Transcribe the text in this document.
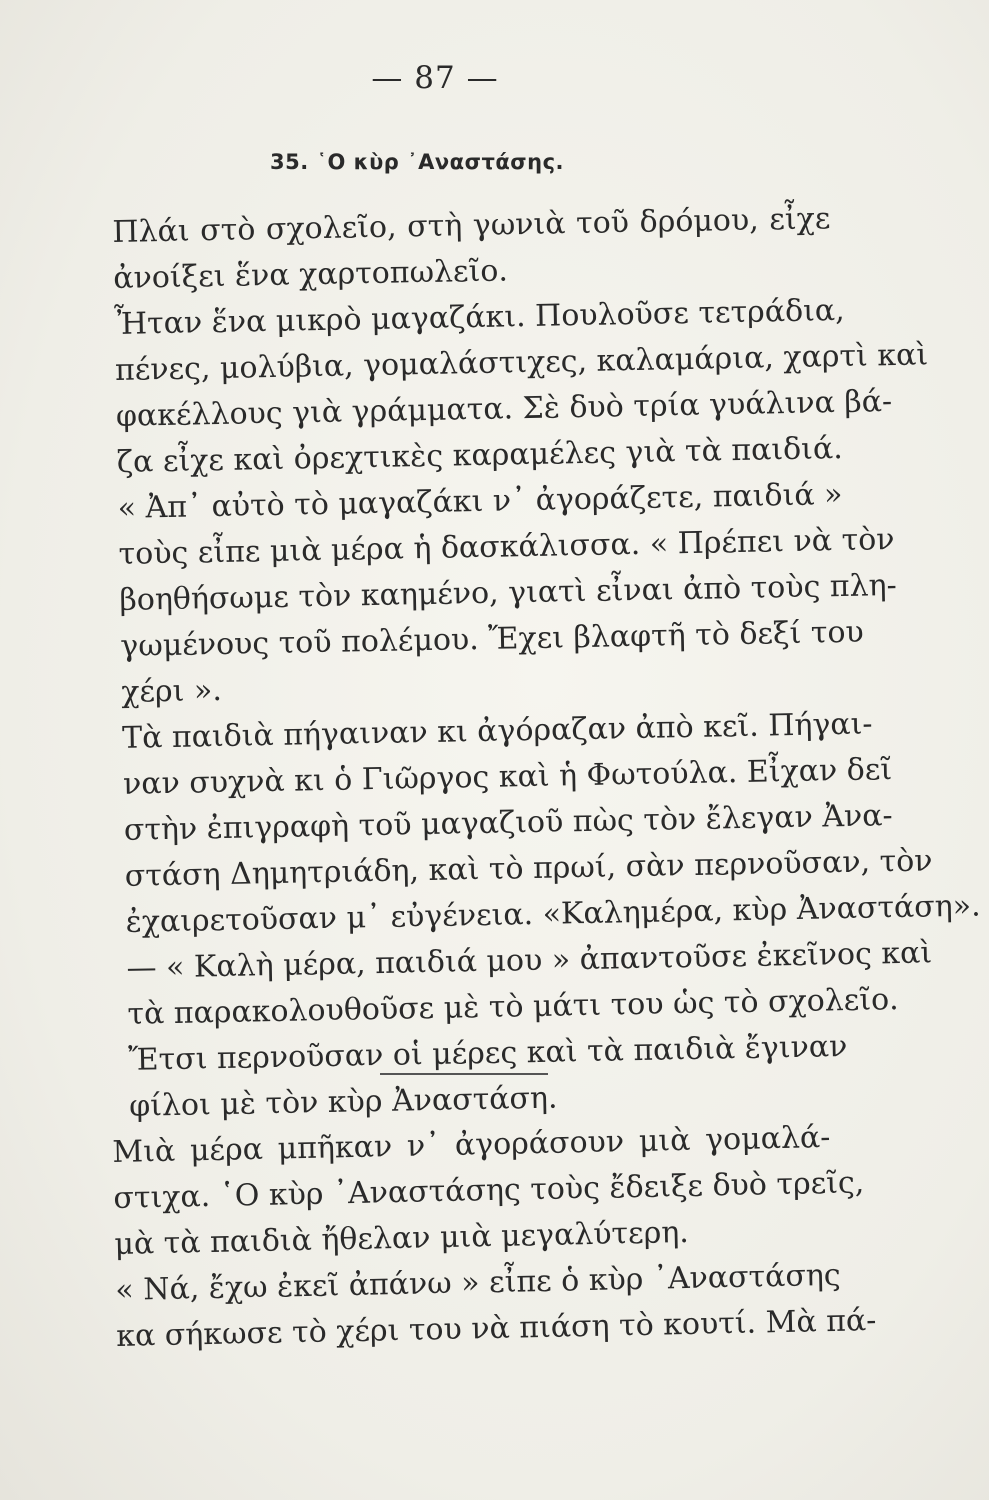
— 87 —
35. ῾Ο κὺρ ᾿Αναστάσης.
Πλάι στὸ σχολεῖο, στὴ γωνιὰ τοῦ δρόμου, εἶχε
ἀνοίξει ἕνα χαρτοπωλεῖο.
Ἦταν ἕνα μικρὸ μαγαζάκι. Πουλοῦσε τετράδια,
πένες, μολύβια, γομαλάστιχες, καλαμάρια, χαρτὶ καὶ
φακέλλους γιὰ γράμματα. Σὲ δυὸ τρία γυάλινα βά-
ζα εἶχε καὶ ὀρεχτικὲς καραμέλες γιὰ τὰ παιδιά.
« Ἀπ᾿ αὐτὸ τὸ μαγαζάκι ν᾿ ἀγοράζετε, παιδιά »
τοὺς εἶπε μιὰ μέρα ἡ δασκάλισσα. « Πρέπει νὰ τὸν
βοηθήσωμε τὸν καημένο, γιατὶ εἶναι ἀπὸ τοὺς πλη-
γωμένους τοῦ πολέμου. Ἔχει βλαφτῆ τὸ δεξί του
χέρι ».
Τὰ παιδιὰ πήγαιναν κι ἀγόραζαν ἀπὸ κεῖ. Πήγαι-
ναν συχνὰ κι ὁ Γιῶργος καὶ ἡ Φωτούλα. Εἶχαν δεῖ
στὴν ἐπιγραφὴ τοῦ μαγαζιοῦ πὼς τὸν ἔλεγαν Ἀνα-
στάση Δημητριάδη, καὶ τὸ πρωί, σὰν περνοῦσαν, τὸν
ἐχαιρετοῦσαν μ᾿ εὐγένεια. «Καλημέρα, κὺρ Ἀναστάση».
— « Καλὴ μέρα, παιδιά μου » ἀπαντοῦσε ἐκεῖνος καὶ
τὰ παρακολουθοῦσε μὲ τὸ μάτι του ὡς τὸ σχολεῖο.
Ἔτσι περνοῦσαν οἱ μέρες καὶ τὰ παιδιὰ ἔγιναν
φίλοι μὲ τὸν κὺρ Ἀναστάση.
Μιὰ μέρα μπῆκαν ν᾿ ἀγοράσουν μιὰ γομαλά-
στιχα. ῾Ο κὺρ ᾿Αναστάσης τοὺς ἔδειξε δυὸ τρεῖς,
μὰ τὰ παιδιὰ ἤθελαν μιὰ μεγαλύτερη.
« Νά, ἔχω ἐκεῖ ἀπάνω » εἶπε ὁ κὺρ ᾿Αναστάσης
κα σήκωσε τὸ χέρι του νὰ πιάση τὸ κουτί. Μὰ πά-
